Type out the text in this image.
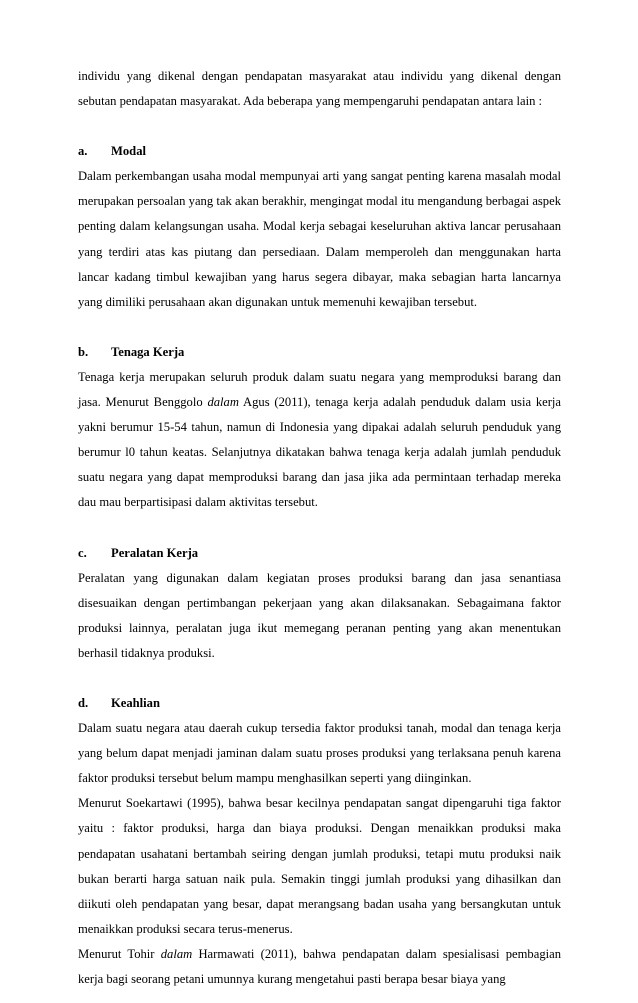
individu yang dikenal dengan pendapatan masyarakat atau individu yang dikenal dengan sebutan pendapatan masyarakat. Ada beberapa yang mempengaruhi pendapatan antara lain :

a.	Modal

Dalam perkembangan usaha modal mempunyai arti yang sangat penting karena masalah modal merupakan persoalan yang tak akan berakhir, mengingat modal itu mengandung berbagai aspek penting dalam kelangsungan usaha. Modal kerja sebagai keseluruhan aktiva lancar perusahaan yang terdiri atas kas piutang dan persediaan. Dalam memperoleh dan menggunakan harta lancar kadang timbul kewajiban yang harus segera dibayar, maka sebagian harta lancarnya yang dimiliki perusahaan akan digunakan untuk memenuhi kewajiban tersebut.

b.	Tenaga Kerja

Tenaga kerja merupakan seluruh produk dalam suatu negara yang memproduksi barang dan jasa. Menurut Benggolo dalam Agus (2011), tenaga kerja adalah penduduk dalam usia kerja yakni berumur 15-54 tahun, namun di Indonesia yang dipakai adalah seluruh penduduk yang berumur l0 tahun keatas. Selanjutnya dikatakan bahwa tenaga kerja adalah jumlah penduduk suatu negara yang dapat memproduksi barang dan jasa jika ada permintaan terhadap mereka dau mau berpartisipasi dalam aktivitas tersebut.

c.	Peralatan Kerja

Peralatan yang digunakan dalam kegiatan proses produksi barang dan jasa senantiasa disesuaikan dengan pertimbangan pekerjaan yang akan dilaksanakan. Sebagaimana faktor produksi lainnya, peralatan juga ikut memegang peranan penting yang akan menentukan berhasil tidaknya produksi.

d.	Keahlian

Dalam suatu negara atau daerah cukup tersedia faktor produksi tanah, modal dan tenaga kerja yang belum dapat menjadi jaminan dalam suatu proses produksi yang terlaksana penuh karena faktor produksi tersebut belum mampu menghasilkan seperti yang diinginkan.

Menurut Soekartawi (1995), bahwa besar kecilnya pendapatan sangat dipengaruhi tiga faktor yaitu : faktor produksi, harga dan biaya produksi. Dengan menaikkan produksi maka pendapatan usahatani bertambah seiring dengan jumlah produksi, tetapi mutu produksi naik bukan berarti harga satuan naik pula. Semakin tinggi jumlah produksi yang dihasilkan dan diikuti oleh pendapatan yang besar, dapat merangsang badan usaha yang bersangkutan untuk menaikkan produksi secara terus-menerus.

Menurut Tohir dalam Harmawati (2011), bahwa pendapatan dalam spesialisasi pembagian kerja bagi seorang petani umunnya kurang mengetahui pasti berapa besar biaya yang
